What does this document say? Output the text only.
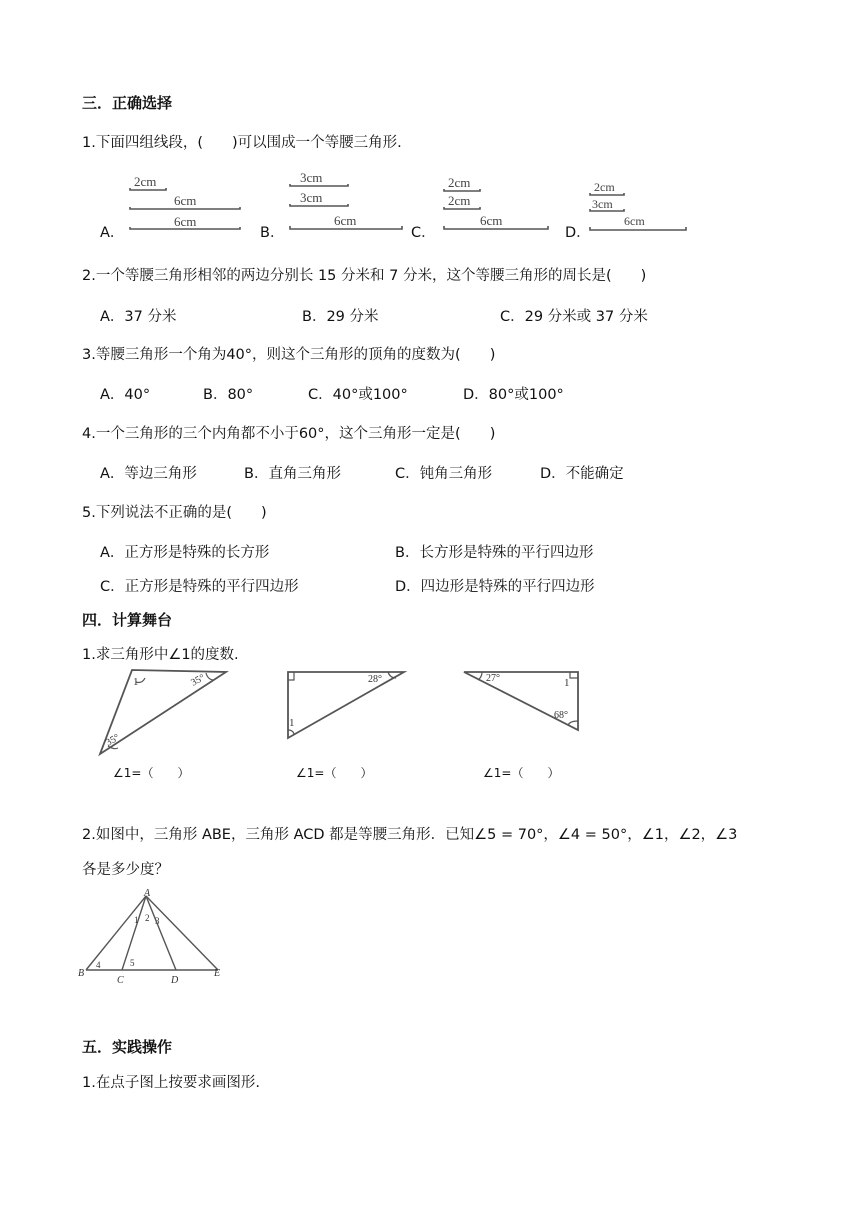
三．正确选择
1.下面四组线段，(　　)可以围成一个等腰三角形.
2cm
6cm
6cm
3cm
3cm
6cm
2cm
2cm
6cm
2cm
3cm
6cm
A．	B．	C．	D．
2.一个等腰三角形相邻的两边分别长 15 分米和 7 分米，这个等腰三角形的周长是(　　)
A．37 分米	B．29 分米	C．29 分米或 37 分米
3.等腰三角形一个角为40°，则这个三角形的顶角的度数为(　　)
A．40°	B．80°	C．40°或100°	D．80°或100°
4.一个三角形的三个内角都不小于60°，这个三角形一定是(　　)
A．等边三角形	B．直角三角形	C．钝角三角形	D．不能确定
5.下列说法不正确的是(　　)
A．正方形是特殊的长方形	B．长方形是特殊的平行四边形
C．正方形是特殊的平行四边形	D．四边形是特殊的平行四边形
四．计算舞台
1.求三角形中∠1的度数.
1	35°
35°
28°
1
27°	1
68°
∠1=（　　）	∠1=（　　）	∠1=（　　）
2.如图中，三角形 ABE，三角形 ACD 都是等腰三角形．已知∠5 = 70°，∠4 = 50°，∠1，∠2，∠3
各是多少度？
A
B
C	D
E
1 2 3
4	5
五．实践操作
1.在点子图上按要求画图形.
